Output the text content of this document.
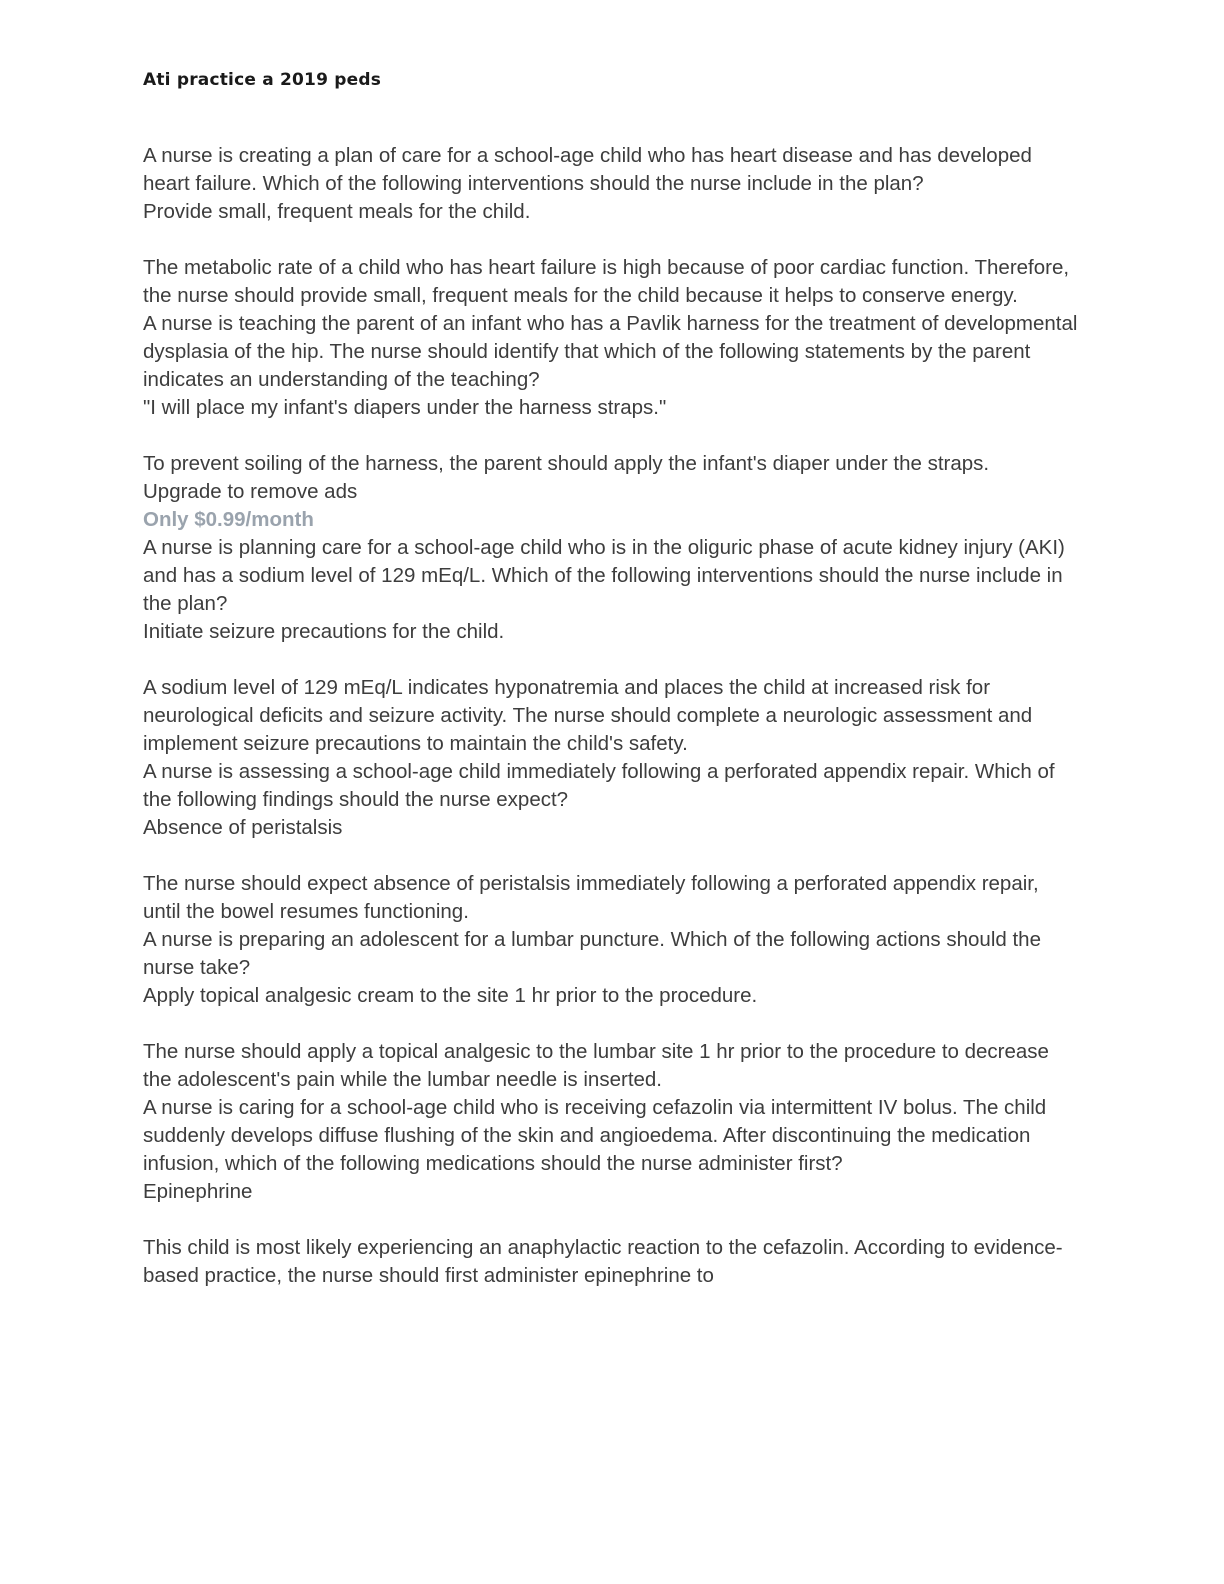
Ati practice a 2019 peds

A nurse is creating a plan of care for a school-age child who has heart disease and has developed heart failure. Which of the following interventions should the nurse include in the plan?

Provide small, frequent meals for the child.

The metabolic rate of a child who has heart failure is high because of poor cardiac function. Therefore, the nurse should provide small, frequent meals for the child because it helps to conserve energy.

A nurse is teaching the parent of an infant who has a Pavlik harness for the treatment of developmental dysplasia of the hip. The nurse should identify that which of the following statements by the parent indicates an understanding of the teaching?

"I will place my infant's diapers under the harness straps."

To prevent soiling of the harness, the parent should apply the infant's diaper under the straps.

Upgrade to remove ads
Only $0.99/month

A nurse is planning care for a school-age child who is in the oliguric phase of acute kidney injury (AKI) and has a sodium level of 129 mEq/L. Which of the following interventions should the nurse include in the plan?

Initiate seizure precautions for the child.

A sodium level of 129 mEq/L indicates hyponatremia and places the child at increased risk for neurological deficits and seizure activity. The nurse should complete a neurologic assessment and implement seizure precautions to maintain the child's safety.

A nurse is assessing a school-age child immediately following a perforated appendix repair. Which of the following findings should the nurse expect?

Absence of peristalsis

The nurse should expect absence of peristalsis immediately following a perforated appendix repair, until the bowel resumes functioning.

A nurse is preparing an adolescent for a lumbar puncture. Which of the following actions should the nurse take?

Apply topical analgesic cream to the site 1 hr prior to the procedure.

The nurse should apply a topical analgesic to the lumbar site 1 hr prior to the procedure to decrease the adolescent's pain while the lumbar needle is inserted.

A nurse is caring for a school-age child who is receiving cefazolin via intermittent IV bolus. The child suddenly develops diffuse flushing of the skin and angioedema. After discontinuing the medication infusion, which of the following medications should the nurse administer first?

Epinephrine

This child is most likely experiencing an anaphylactic reaction to the cefazolin. According to evidence-based practice, the nurse should first administer epinephrine to
